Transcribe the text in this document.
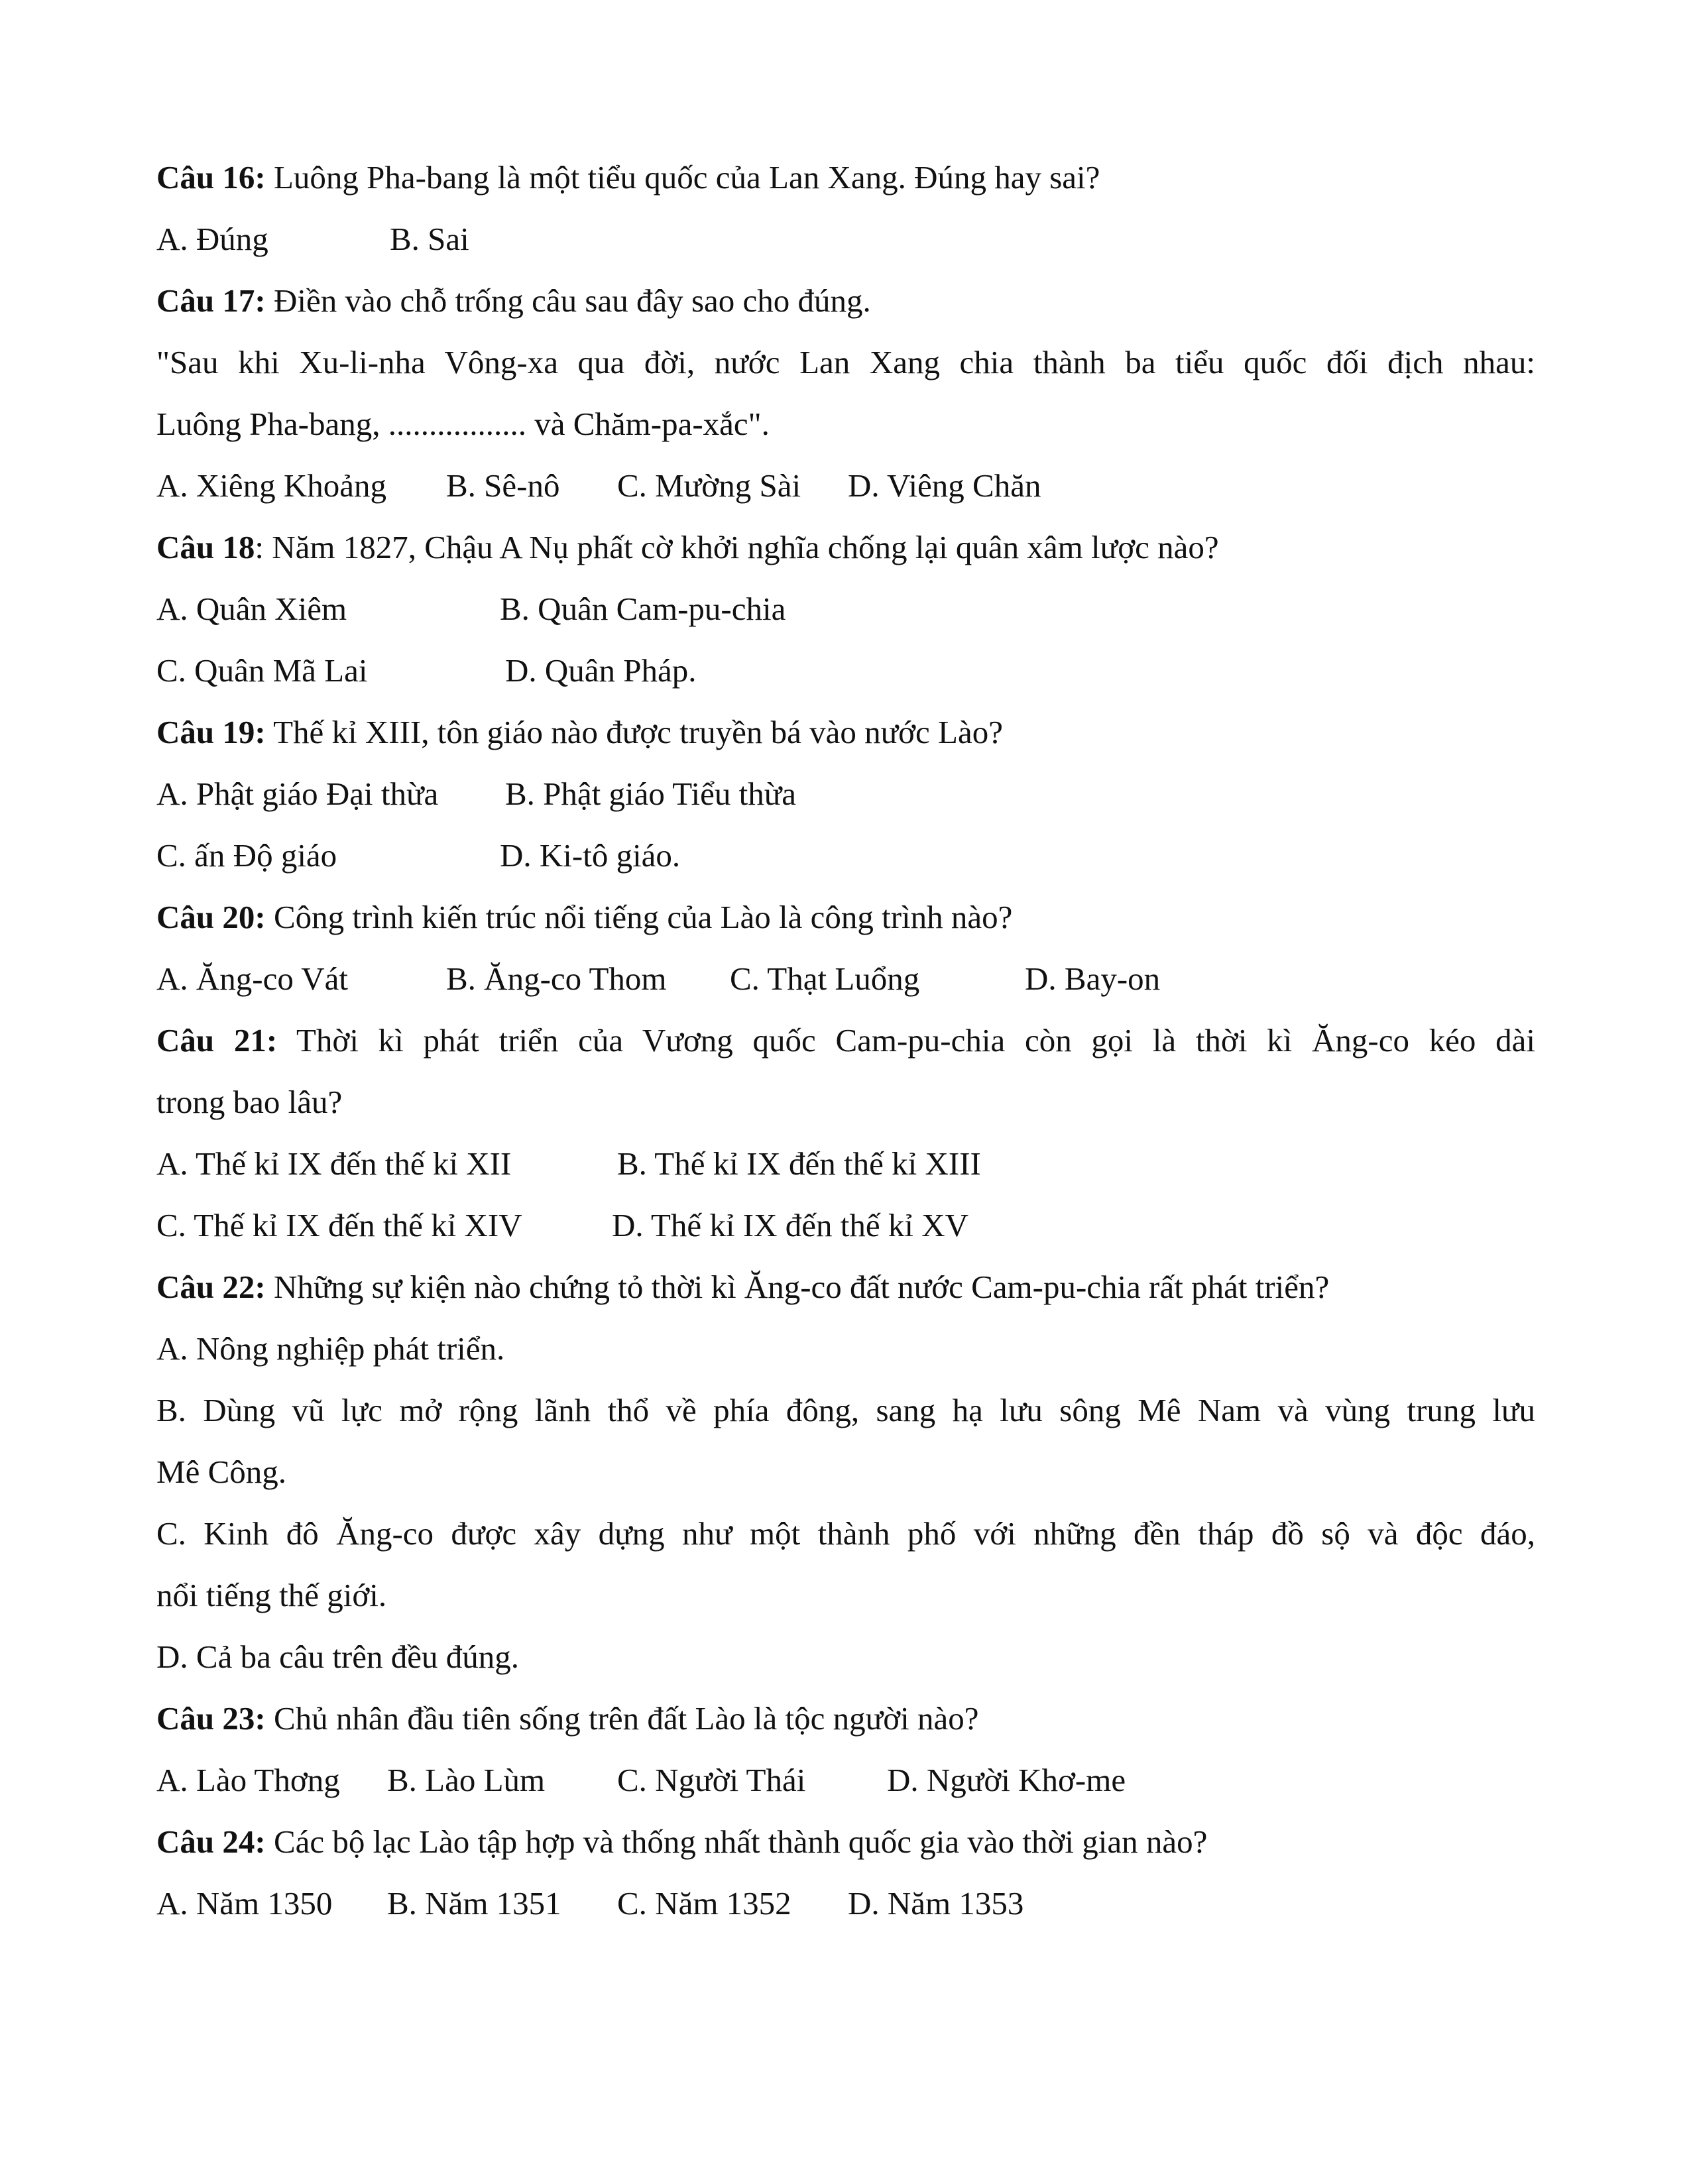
Câu 16: Luông Pha-bang là một tiểu quốc của Lan Xang. Đúng hay sai?
A. Đúng	B. Sai
Câu 17: Điền vào chỗ trống câu sau đây sao cho đúng.
"Sau khi Xu-li-nha Vông-xa qua đời, nước Lan Xang chia thành ba tiểu quốc đối địch nhau:
Luông Pha-bang, ................. và Chăm-pa-xắc".
A. Xiêng Khoảng B. Sê-nô C. Mường Sài D. Viêng Chăn
Câu 18: Năm 1827, Chậu A Nụ phất cờ khởi nghĩa chống lại quân xâm lược nào?
A. Quân Xiêm	B. Quân Cam-pu-chia
C. Quân Mã Lai	D. Quân Pháp.
Câu 19: Thế kỉ XIII, tôn giáo nào được truyền bá vào nước Lào?
A. Phật giáo Đại thừa B. Phật giáo Tiểu thừa
C. ấn Độ giáo	D. Ki-tô giáo.
Câu 20: Công trình kiến trúc nổi tiếng của Lào là công trình nào?
A. Ăng-co Vát	B. Ăng-co Thom C. Thạt Luổng	D. Bay-on
Câu 21: Thời kì phát triển của Vương quốc Cam-pu-chia còn gọi là thời kì Ăng-co kéo dài
trong bao lâu?
A. Thế kỉ IX đến thế kỉ XII	B. Thế kỉ IX đến thế kỉ XIII
C. Thế kỉ IX đến thế kỉ XIV	D. Thế kỉ IX đến thế kỉ XV
Câu 22: Những sự kiện nào chứng tỏ thời kì Ăng-co đất nước Cam-pu-chia rất phát triển?
A. Nông nghiệp phát triển.
B. Dùng vũ lực mở rộng lãnh thổ về phía đông, sang hạ lưu sông Mê Nam và vùng trung lưu
Mê Công.
C. Kinh đô Ăng-co được xây dựng như một thành phố với những đền tháp đồ sộ và độc đáo,
nổi tiếng thế giới.
D. Cả ba câu trên đều đúng.
Câu 23: Chủ nhân đầu tiên sống trên đất Lào là tộc người nào?
A. Lào Thơng B. Lào Lùm C. Người Thái	D. Người Khơ-me
Câu 24: Các bộ lạc Lào tập hợp và thống nhất thành quốc gia vào thời gian nào?
A. Năm 1350 B. Năm 1351 C. Năm 1352 D. Năm 1353
